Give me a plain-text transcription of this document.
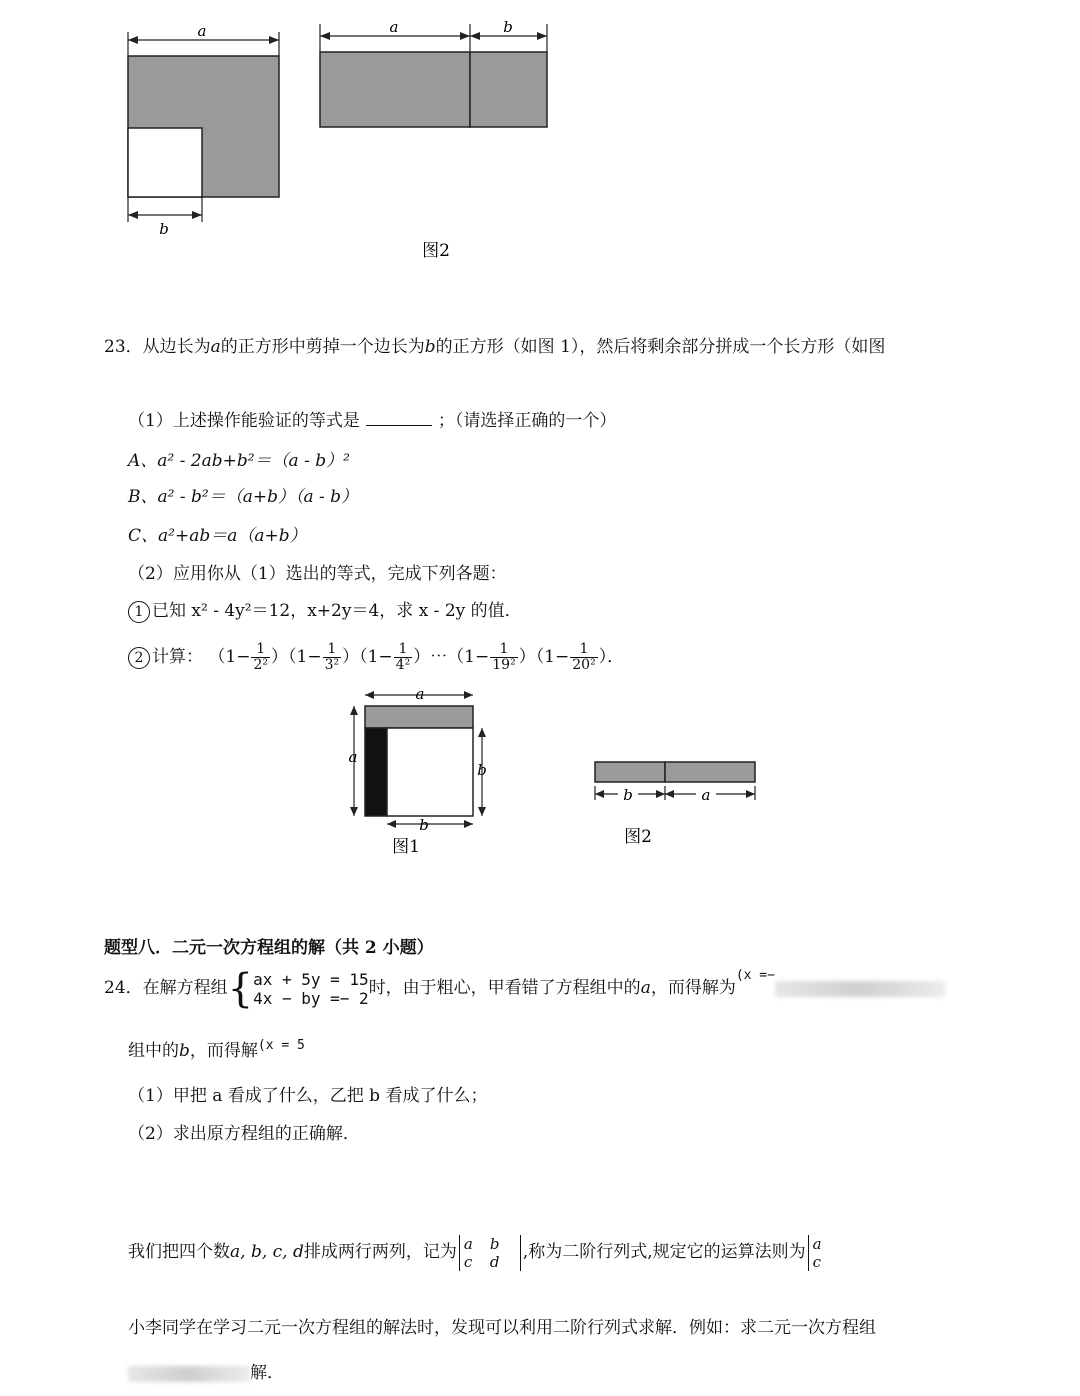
a
b
a	b
图2
23．从边长为a的正方形中剪掉一个边长为b的正方形（如图 1），然后将剩余部分拼成一个长方形（如图
（1）上述操作能验证的等式是	；（请选择正确的一个）
A、a² - 2ab+b²＝（a - b）²
B、a² - b²＝（a+b）（a - b）
C、a²+ab＝a（a+b）
（2）应用你从（1）选出的等式，完成下列各题：
1 已知 x² - 4y²＝12，x+2y＝4，求 x - 2y 的值．
2 计算： $(1- \frac{1}{\text{2²}} )(1- \frac{1}{\text{3²}} )(1- \frac{1}{\text{4²}}$ ）⋯（1− $\frac{1}{\text{19²}} )(1- \frac{1}{\text{20²}}$ ）．
a
a
b
b
图1
b	a
图2
题型八．二元一次方程组的解（共 2 小题）
24．在解方程组{ ax + 5y = 15
4x − by =− 2 时，由于粗心，甲看错了方程组中的a，而得解为(x =−
组中的b，而得解(x = 5
（1）甲把 a 看成了什么，乙把 b 看成了什么；
（2）求出原方程组的正确解．
我们把四个数a, b, c, d排成两行两列，记为 a b
c d ,称为二阶行列式,规定它的运算法则为 a
c
小李同学在学习二元一次方程组的解法时，发现可以利用二阶行列式求解．例如：求二元一次方程组
解．
